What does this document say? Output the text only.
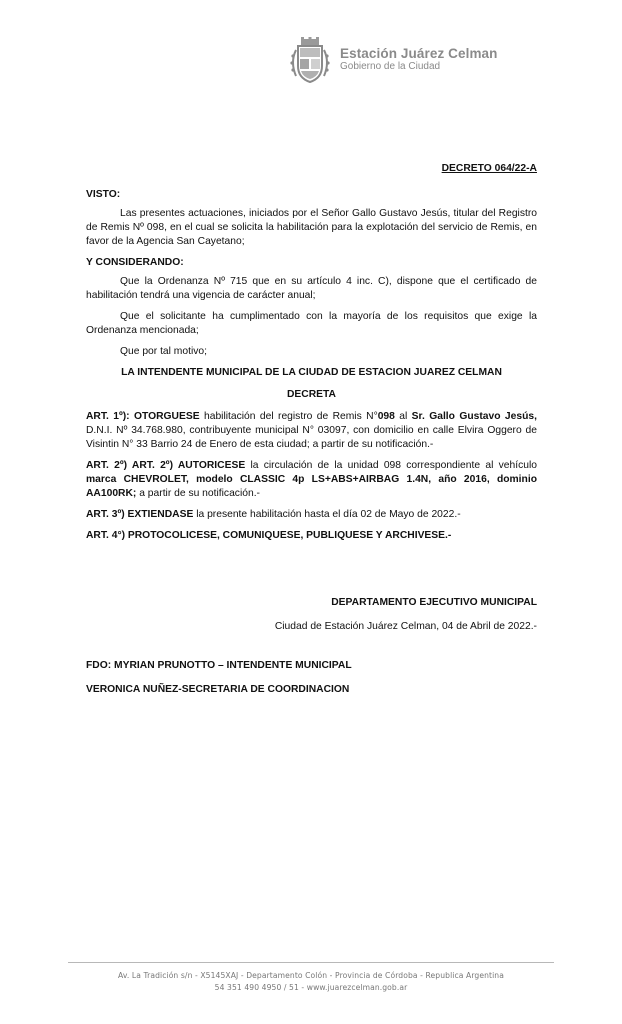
Estación Juárez Celman
Gobierno de la Ciudad
DECRETO 064/22-A
VISTO:

Las presentes actuaciones, iniciados por el Señor Gallo Gustavo Jesús, titular del Registro de Remis Nº 098, en el cual se solicita la habilitación para la explotación del servicio de Remis, en favor de la Agencia San Cayetano;

Y CONSIDERANDO:

Que la Ordenanza Nº 715 que en su artículo 4 inc. C), dispone que el certificado de habilitación tendrá una vigencia de carácter anual;

Que el solicitante ha cumplimentado con la mayoría de los requisitos que exige la Ordenanza mencionada;

Que por tal motivo;

LA INTENDENTE MUNICIPAL DE LA CIUDAD DE ESTACION JUAREZ CELMAN
DECRETA

ART. 1º): OTORGUESE habilitación del registro de Remis N°098 al Sr. Gallo Gustavo Jesús, D.N.I. Nº 34.768.980, contribuyente municipal N° 03097, con domicilio en calle Elvira Oggero de Visintin N° 33 Barrio 24 de Enero de esta ciudad; a partir de su notificación.-

ART. 2º) ART. 2º) AUTORICESE la circulación de la unidad 098 correspondiente al vehículo marca CHEVROLET, modelo CLASSIC 4p LS+ABS+AIRBAG 1.4N, año 2016, dominio AA100RK; a partir de su notificación.-

ART. 3º) EXTIENDASE la presente habilitación hasta el día 02 de Mayo de 2022.-

ART. 4°) PROTOCOLICESE, COMUNIQUESE, PUBLIQUESE Y ARCHIVESE.-

DEPARTAMENTO EJECUTIVO MUNICIPAL
Ciudad de Estación Juárez Celman, 04 de Abril de 2022.-
FDO: MYRIAN PRUNOTTO – INTENDENTE MUNICIPAL
VERONICA NUÑEZ-SECRETARIA DE COORDINACION
Av. La Tradición s/n - X5145XAJ - Departamento Colón - Provincia de Córdoba - Republica Argentina
54 351 490 4950 / 51 - www.juarezcelman.gob.ar
